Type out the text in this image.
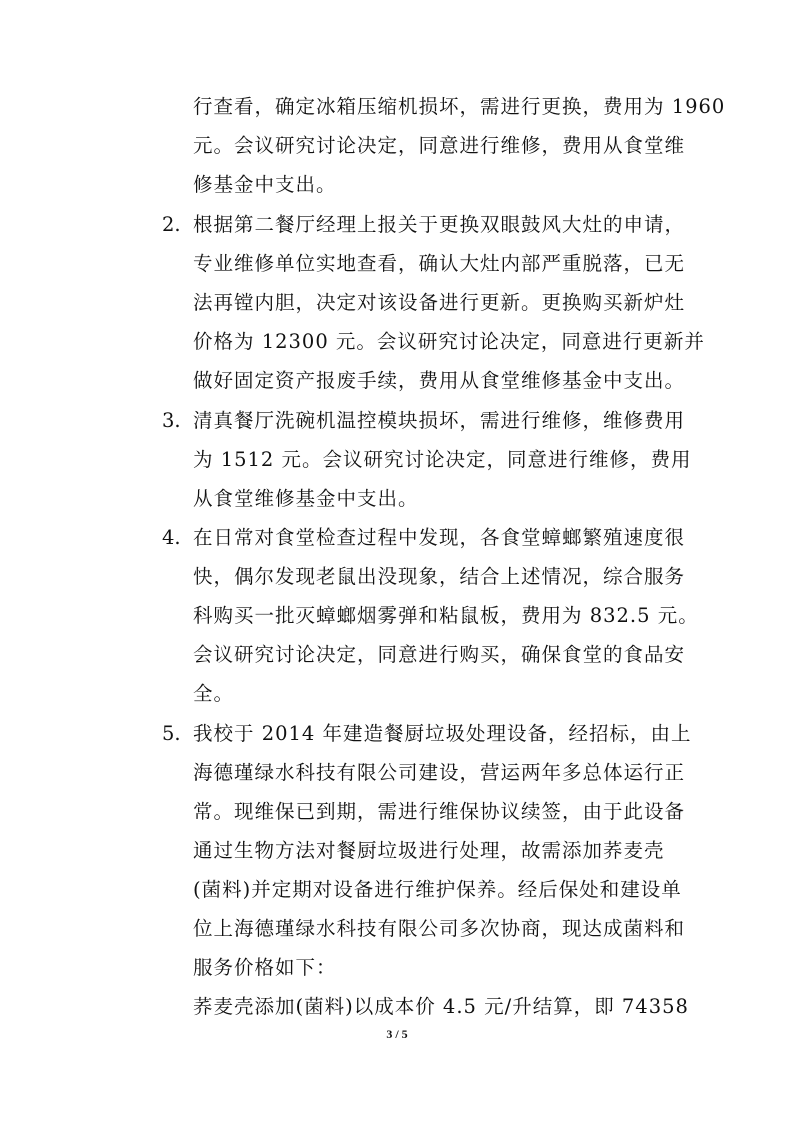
行查看，确定冰箱压缩机损坏，需进行更换，费用为 1960
元。会议研究讨论决定，同意进行维修，费用从食堂维
修基金中支出。
2. 根据第二餐厅经理上报关于更换双眼鼓风大灶的申请，
专业维修单位实地查看，确认大灶内部严重脱落，已无
法再镗内胆，决定对该设备进行更新。更换购买新炉灶
价格为 12300 元。会议研究讨论决定，同意进行更新并
做好固定资产报废手续，费用从食堂维修基金中支出。
3. 清真餐厅洗碗机温控模块损坏，需进行维修，维修费用
为 1512 元。会议研究讨论决定，同意进行维修，费用
从食堂维修基金中支出。
4. 在日常对食堂检查过程中发现，各食堂蟑螂繁殖速度很
快，偶尔发现老鼠出没现象，结合上述情况，综合服务
科购买一批灭蟑螂烟雾弹和粘鼠板，费用为 832.5 元。
会议研究讨论决定，同意进行购买，确保食堂的食品安
全。
5. 我校于 2014 年建造餐厨垃圾处理设备，经招标，由上
海德瑾绿水科技有限公司建设，营运两年多总体运行正
常。现维保已到期，需进行维保协议续签，由于此设备
通过生物方法对餐厨垃圾进行处理，故需添加荞麦壳
(菌料)并定期对设备进行维护保养。经后保处和建设单
位上海德瑾绿水科技有限公司多次协商，现达成菌料和
服务价格如下：
荞麦壳添加(菌料)以成本价 4.5 元/升结算，即 74358
3 / 5
